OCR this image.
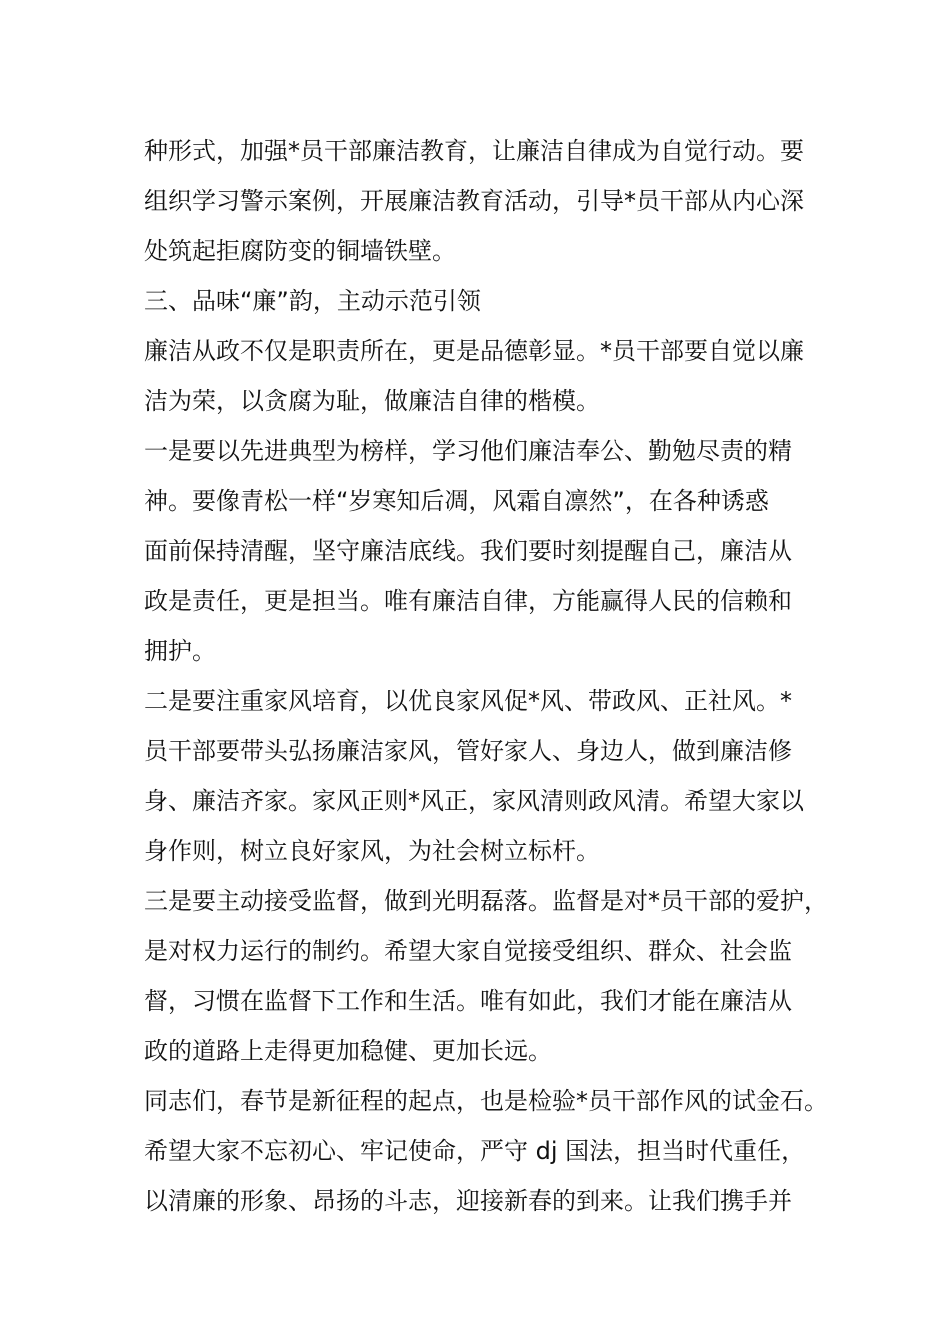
种形式，加强*员干部廉洁教育，让廉洁自律成为自觉行动。要
组织学习警示案例，开展廉洁教育活动，引导*员干部从内心深
处筑起拒腐防变的铜墙铁壁。
三、品味“廉”韵，主动示范引领
廉洁从政不仅是职责所在，更是品德彰显。*员干部要自觉以廉
洁为荣，以贪腐为耻，做廉洁自律的楷模。
一是要以先进典型为榜样，学习他们廉洁奉公、勤勉尽责的精
神。要像青松一样“岁寒知后凋，风霜自凛然”，在各种诱惑
面前保持清醒，坚守廉洁底线。我们要时刻提醒自己，廉洁从
政是责任，更是担当。唯有廉洁自律，方能赢得人民的信赖和
拥护。
二是要注重家风培育，以优良家风促*风、带政风、正社风。*
员干部要带头弘扬廉洁家风，管好家人、身边人，做到廉洁修
身、廉洁齐家。家风正则*风正，家风清则政风清。希望大家以
身作则，树立良好家风，为社会树立标杆。
三是要主动接受监督，做到光明磊落。监督是对*员干部的爱护，
是对权力运行的制约。希望大家自觉接受组织、群众、社会监
督，习惯在监督下工作和生活。唯有如此，我们才能在廉洁从
政的道路上走得更加稳健、更加长远。
同志们，春节是新征程的起点，也是检验*员干部作风的试金石。
希望大家不忘初心、牢记使命，严守 dj 国法，担当时代重任，
以清廉的形象、昂扬的斗志，迎接新春的到来。让我们携手并
